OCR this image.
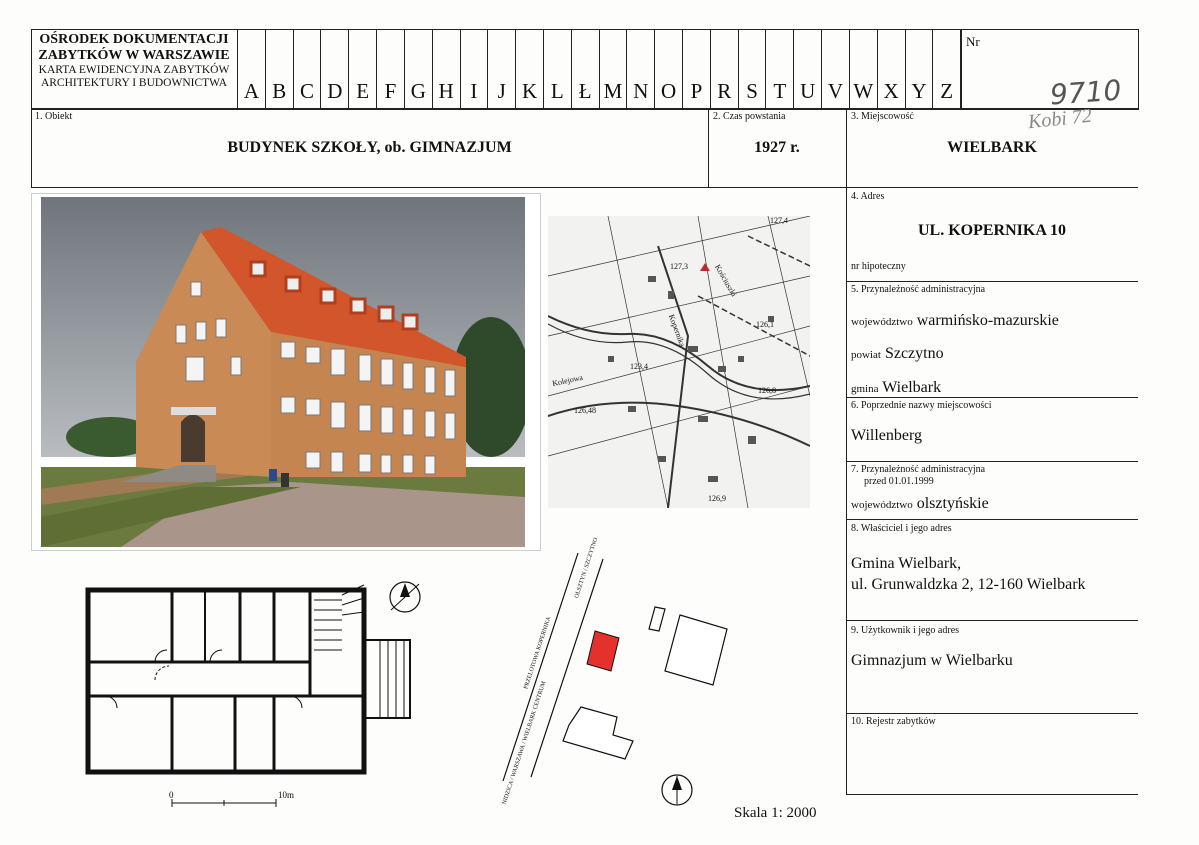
OŚRODEK DOKUMENTACJI
ZABYTKÓW W WARSZAWIE
KARTA EWIDENCYJNA ZABYTKÓW
ARCHITEKTURY I BUDOWNICTWA A B C D E F G H I J K L Ł M N O P R S T U V W X Y Z
Nr
9710
Kobi 72
1. Obiekt
BUDYNEK SZKOŁY, ob. GIMNAZJUM
2. Czas powstania
1927 r.
3. Miejscowość
WIELBARK
4. Adres
UL. KOPERNIKA 10
nr hipoteczny
5. Przynależność administracyjna
województwo warmińsko-mazurskie
powiat Szczytno
gmina Wielbark
6. Poprzednie nazwy miejscowości
Willenberg
7. Przynależność administracyjna
przed 01.01.1999
województwo olsztyńskie
8. Właściciel i jego adres
Gmina Wielbark,
ul. Grunwaldzka 2, 12-160 Wielbark
9. Użytkownik i jego adres
Gimnazjum w Wielbarku
10. Rejestr zabytków
127,3
127,4
126,1
123,4
126,48
126,8
126,9
Kopernika
Kościuszki
Kolejowa
0	10m
OLSZTYN / SZCZYTNO
PRZELOTOWA KOPERNIKA
NIDZICA / WARSZAWA / WIELBARK CENTRUM
Skala 1: 2000
